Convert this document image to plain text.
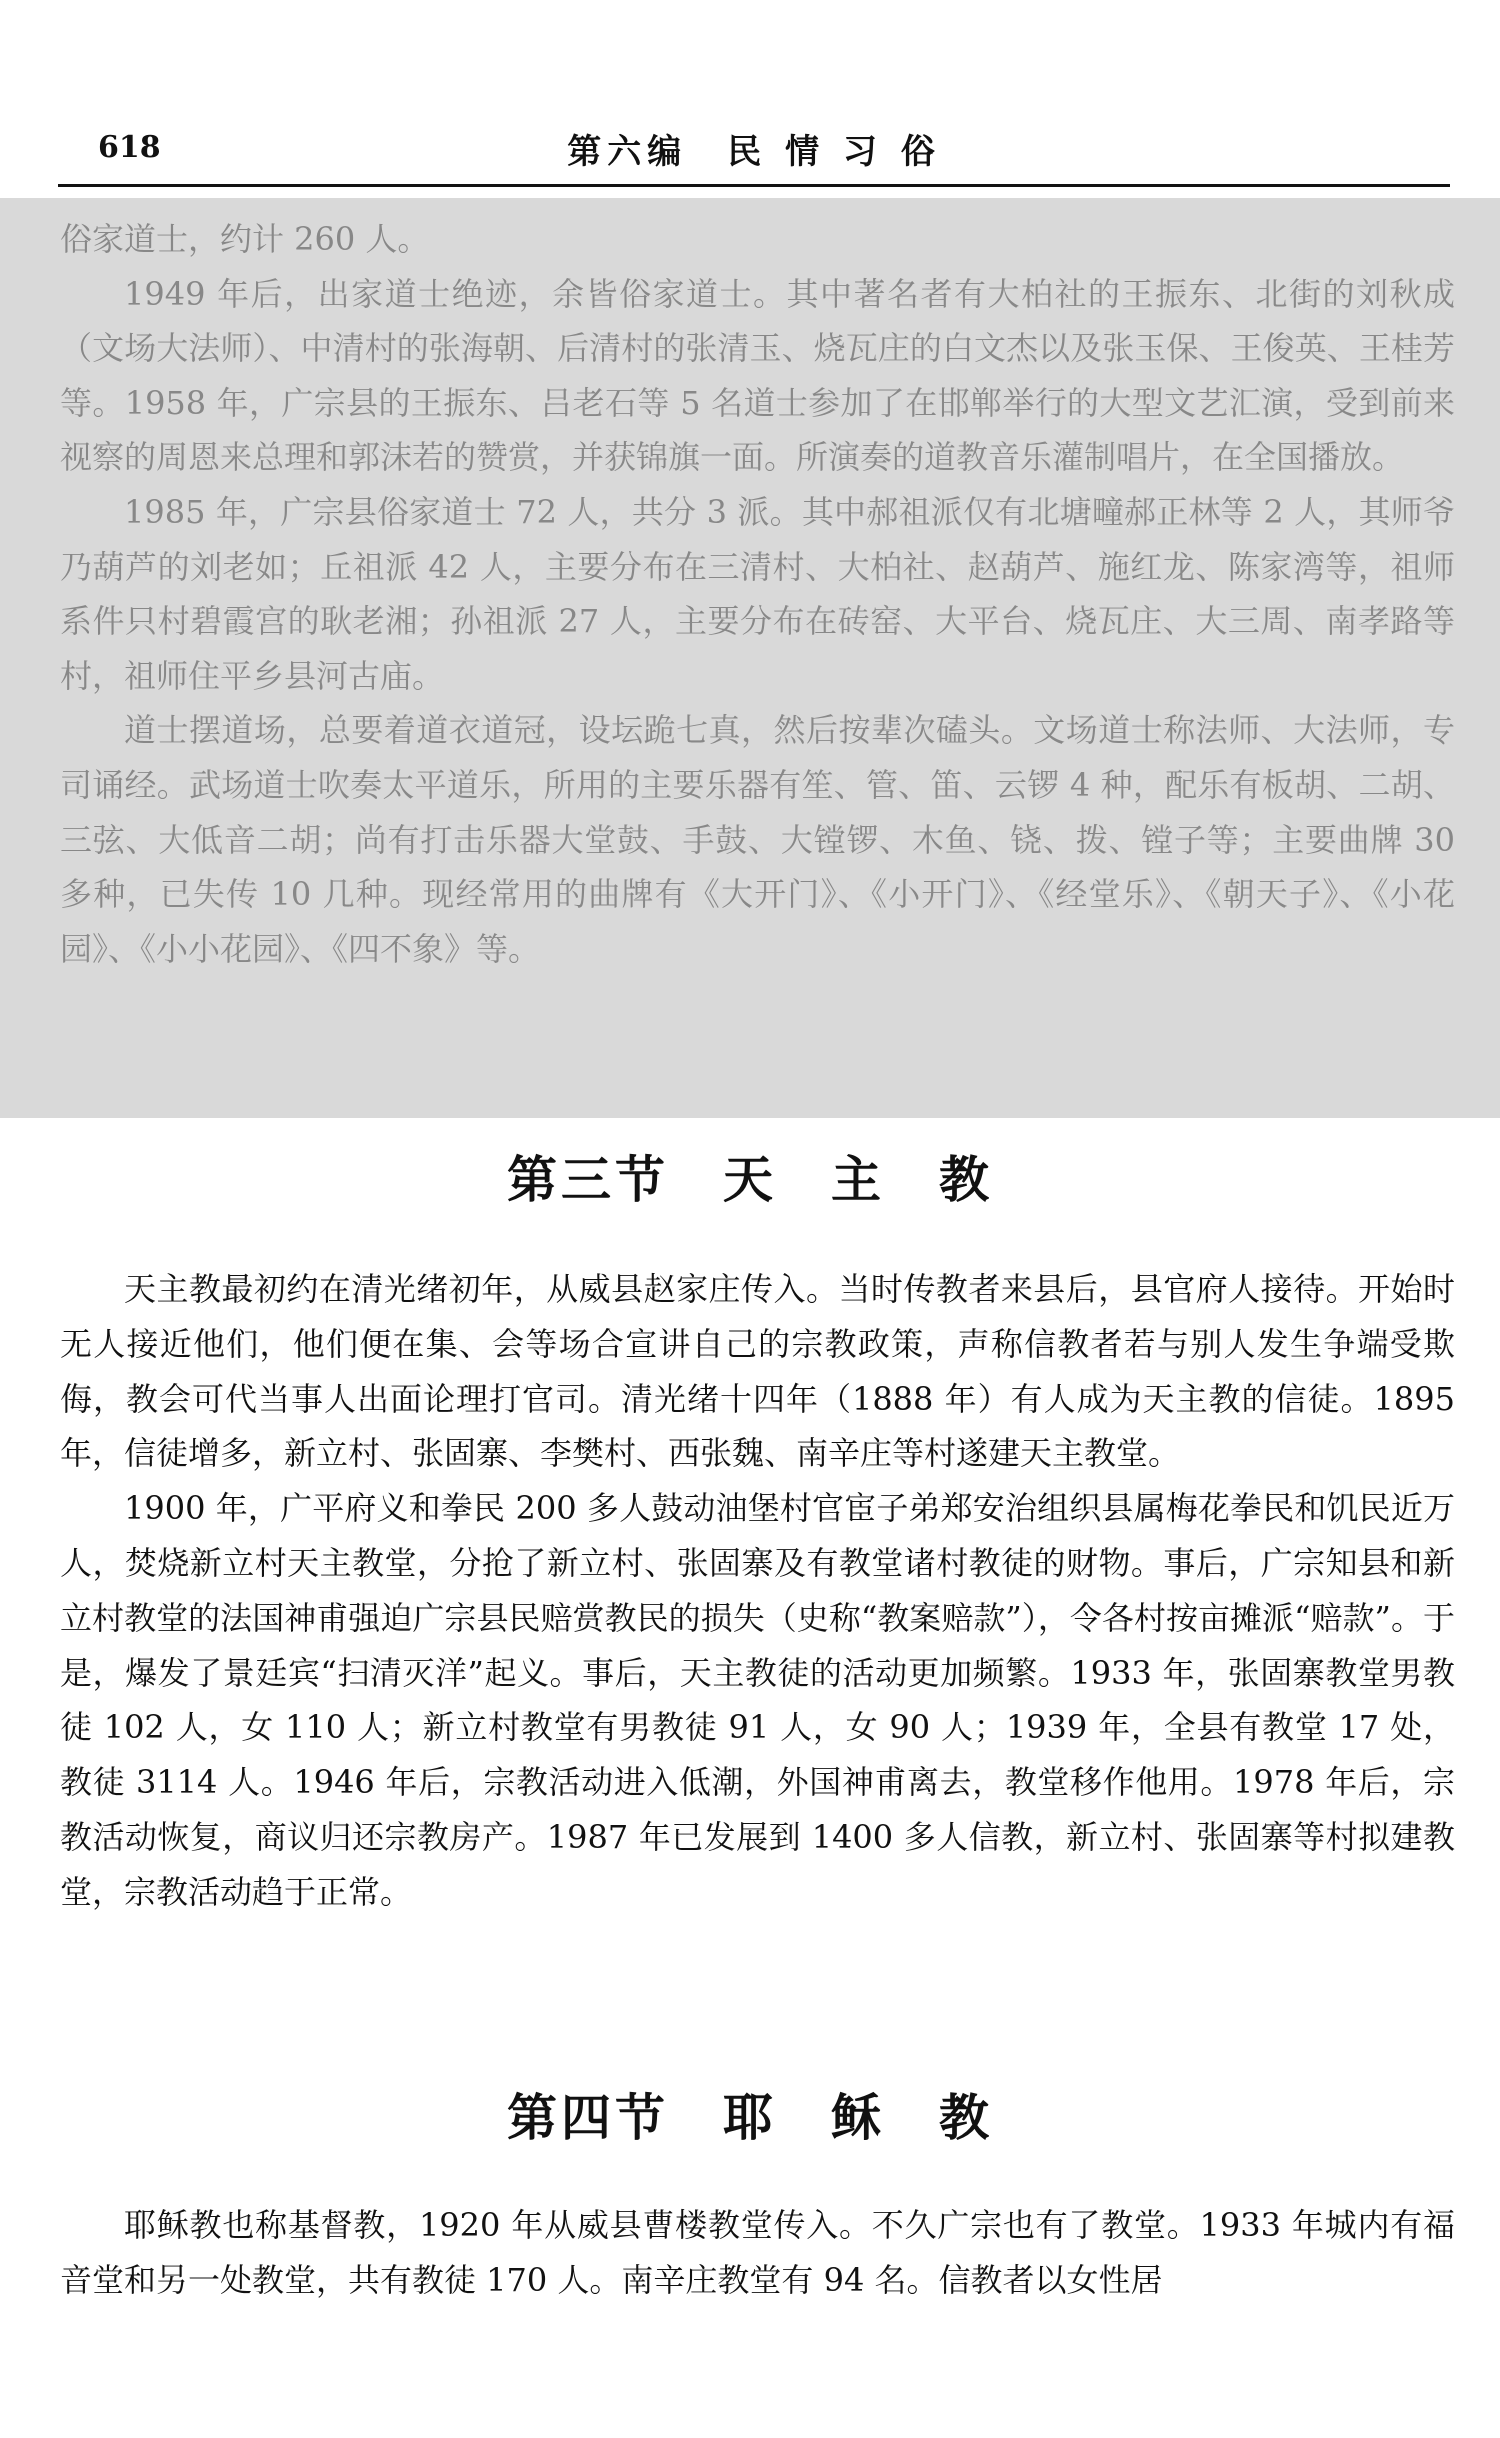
618	第六编　民 情 习 俗

俗家道士，约计 260 人。

1949 年后，出家道士绝迹，余皆俗家道士。其中著名者有大柏社的王振东、北街的刘秋成（文场大法师）、中清村的张海朝、后清村的张清玉、烧瓦庄的白文杰以及张玉保、王俊英、王桂芳等。1958 年，广宗县的王振东、吕老石等 5 名道士参加了在邯郸举行的大型文艺汇演，受到前来视察的周恩来总理和郭沫若的赞赏，并获锦旗一面。所演奏的道教音乐灌制唱片，在全国播放。

1985 年，广宗县俗家道士 72 人，共分 3 派。其中郝祖派仅有北塘疃郝正林等 2 人，其师爷乃葫芦的刘老如；丘祖派 42 人，主要分布在三清村、大柏社、赵葫芦、施红龙、陈家湾等，祖师系件只村碧霞宫的耿老湘；孙祖派 27 人，主要分布在砖窑、大平台、烧瓦庄、大三周、南孝路等村，祖师住平乡县河古庙。

道士摆道场，总要着道衣道冠，设坛跪七真，然后按辈次磕头。文场道士称法师、大法师，专司诵经。武场道士吹奏太平道乐，所用的主要乐器有笙、管、笛、云锣 4 种，配乐有板胡、二胡、三弦、大低音二胡；尚有打击乐器大堂鼓、手鼓、大镗锣、木鱼、铙、拨、镗子等；主要曲牌 30 多种，已失传 10 几种。现经常用的曲牌有《大开门》、《小开门》、《经堂乐》、《朝天子》、《小花园》、《小小花园》、《四不象》等。

第三节　天　主　教

天主教最初约在清光绪初年，从威县赵家庄传入。当时传教者来县后，县官府人接待。开始时无人接近他们，他们便在集、会等场合宣讲自己的宗教政策，声称信教者若与别人发生争端受欺侮，教会可代当事人出面论理打官司。清光绪十四年（1888 年）有人成为天主教的信徒。1895 年，信徒增多，新立村、张固寨、李樊村、西张魏、南辛庄等村遂建天主教堂。

1900 年，广平府义和拳民 200 多人鼓动油堡村官宦子弟郑安治组织县属梅花拳民和饥民近万人，焚烧新立村天主教堂，分抢了新立村、张固寨及有教堂诸村教徒的财物。事后，广宗知县和新立村教堂的法国神甫强迫广宗县民赔赏教民的损失（史称“教案赔款”），令各村按亩摊派“赔款”。于是，爆发了景廷宾“扫清灭洋”起义。事后，天主教徒的活动更加频繁。1933 年，张固寨教堂男教徒 102 人，女 110 人；新立村教堂有男教徒 91 人，女 90 人；1939 年，全县有教堂 17 处，教徒 3114 人。1946 年后，宗教活动进入低潮，外国神甫离去，教堂移作他用。1978 年后，宗教活动恢复，商议归还宗教房产。1987 年已发展到 1400 多人信教，新立村、张固寨等村拟建教堂，宗教活动趋于正常。

第四节　耶　稣　教

耶稣教也称基督教，1920 年从威县曹楼教堂传入。不久广宗也有了教堂。1933 年城内有福音堂和另一处教堂，共有教徒 170 人。南辛庄教堂有 94 名。信教者以女性居
